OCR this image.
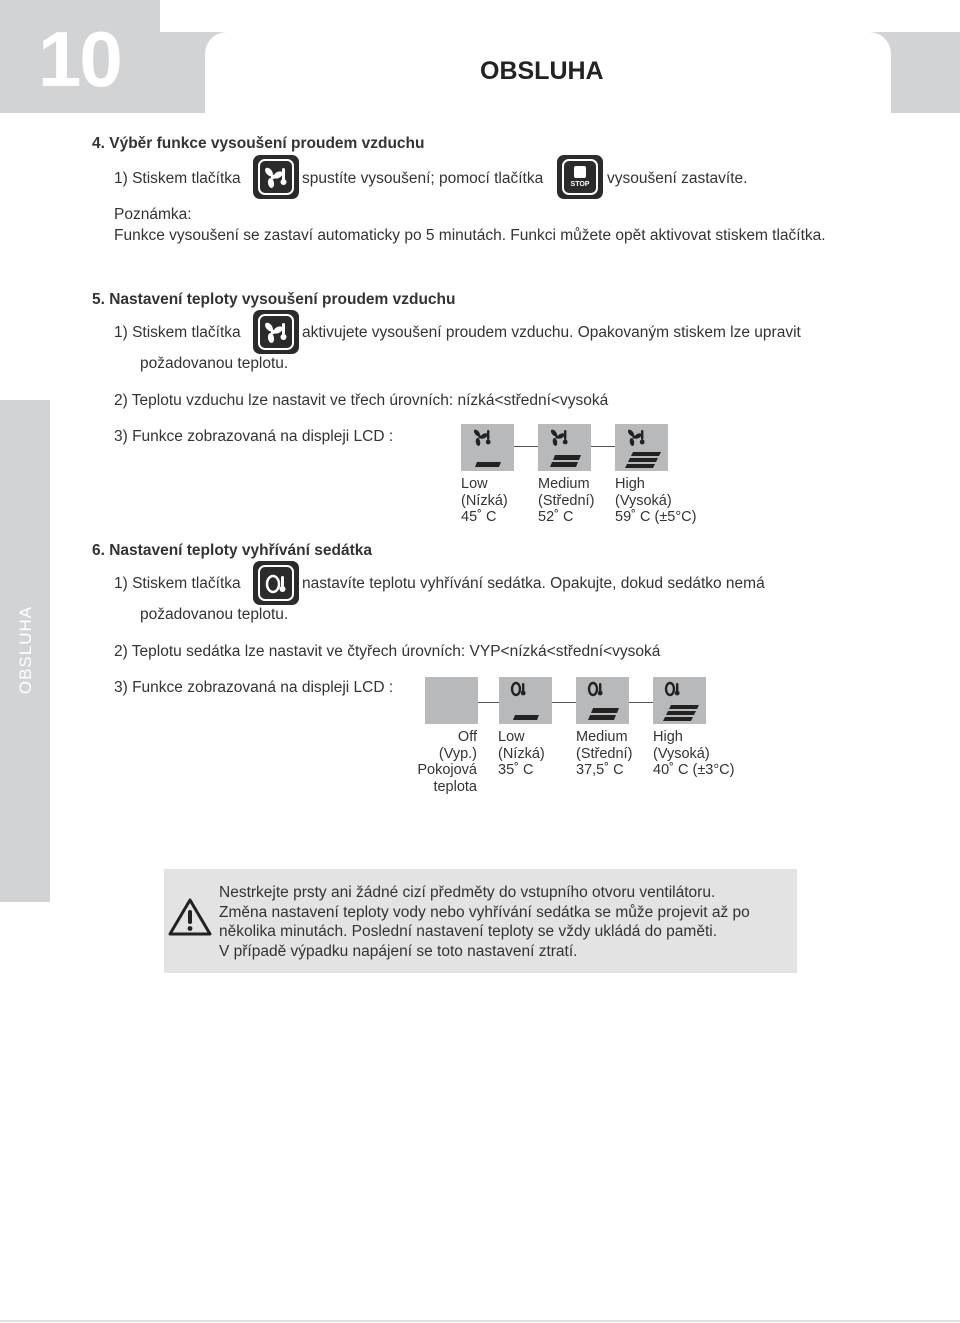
10	OBSLUHA
OBSLUHA
4. Výběr funkce vysoušení proudem vzduchu
1) Stiskem tlačítka	spustíte vysoušení; pomocí tlačítka	STOP	vysoušení zastavíte.
Poznámka:
Funkce vysoušení se zastaví automaticky po 5 minutách. Funkci můžete opět aktivovat stiskem tlačítka.
5. Nastavení teploty vysoušení proudem vzduchu
1) Stiskem tlačítka	aktivujete vysoušení proudem vzduchu. Opakovaným stiskem lze upravit
požadovanou teplotu.
2) Teplotu vzduchu lze nastavit ve třech úrovních: nízká<střední<vysoká
3) Funkce zobrazovaná na displeji LCD :
Low
(Nízká)
45˚ C
Medium
(Střední)
52˚ C
High
(Vysoká)
59˚ C (±5°C)
6. Nastavení teploty vyhřívání sedátka
1) Stiskem tlačítka	nastavíte teplotu vyhřívání sedátka. Opakujte, dokud sedátko nemá
požadovanou teplotu.
2) Teplotu sedátka lze nastavit ve čtyřech úrovních: VYP<nízká<střední<vysoká
3) Funkce zobrazovaná na displeji LCD :
Off
(Vyp.)
Pokojová
teplota
Low
(Nízká)
35˚ C
Medium
(Střední)
37,5˚ C
High
(Vysoká)
40˚ C (±3°C)
Nestrkejte prsty ani žádné cizí předměty do vstupního otvoru ventilátoru.
Změna nastavení teploty vody nebo vyhřívání sedátka se může projevit až po
několika minutách. Poslední nastavení teploty se vždy ukládá do paměti.
V případě výpadku napájení se toto nastavení ztratí.
